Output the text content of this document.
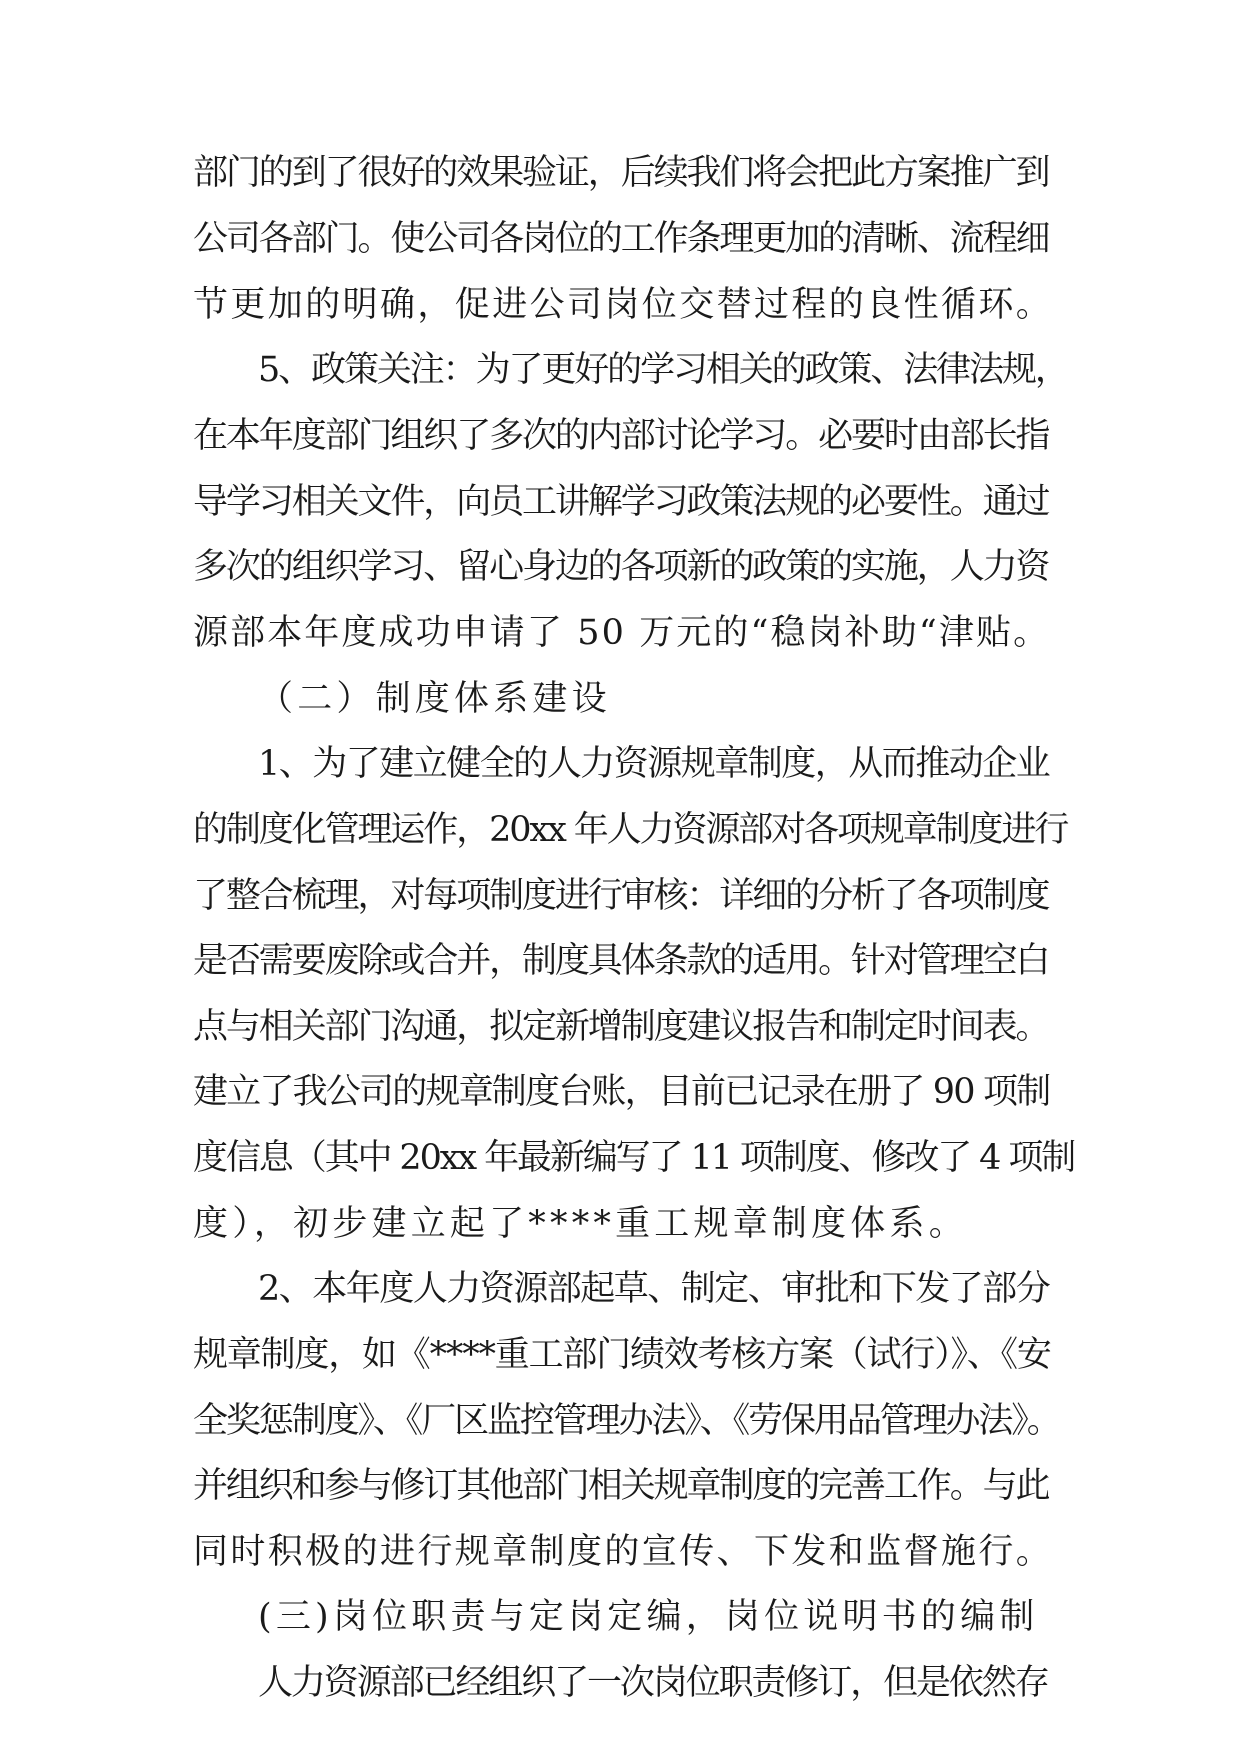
部门的到了很好的效果验证，后续我们将会把此方案推广到
公司各部门。使公司各岗位的工作条理更加的清晰、流程细
节更加的明确，促进公司岗位交替过程的良性循环。
5、政策关注：为了更好的学习相关的政策、法律法规，
在本年度部门组织了多次的内部讨论学习。必要时由部长指
导学习相关文件，向员工讲解学习政策法规的必要性。通过
多次的组织学习、留心身边的各项新的政策的实施，人力资
源部本年度成功申请了 50 万元的“稳岗补助“津贴。
（二）制度体系建设
1、为了建立健全的人力资源规章制度，从而推动企业
的制度化管理运作，20xx 年人力资源部对各项规章制度进行
了整合梳理，对每项制度进行审核：详细的分析了各项制度
是否需要废除或合并，制度具体条款的适用。针对管理空白
点与相关部门沟通，拟定新增制度建议报告和制定时间表。
建立了我公司的规章制度台账，目前已记录在册了 90 项制
度信息（其中 20xx 年最新编写了 11 项制度、修改了 4 项制
度），初步建立起了****重工规章制度体系。
2、本年度人力资源部起草、制定、审批和下发了部分
规章制度，如《****重工部门绩效考核方案（试行）》、《安
全奖惩制度》、《厂区监控管理办法》、《劳保用品管理办法》。
并组织和参与修订其他部门相关规章制度的完善工作。与此
同时积极的进行规章制度的宣传、下发和监督施行。
(三)岗位职责与定岗定编，岗位说明书的编制
人力资源部已经组织了一次岗位职责修订，但是依然存
